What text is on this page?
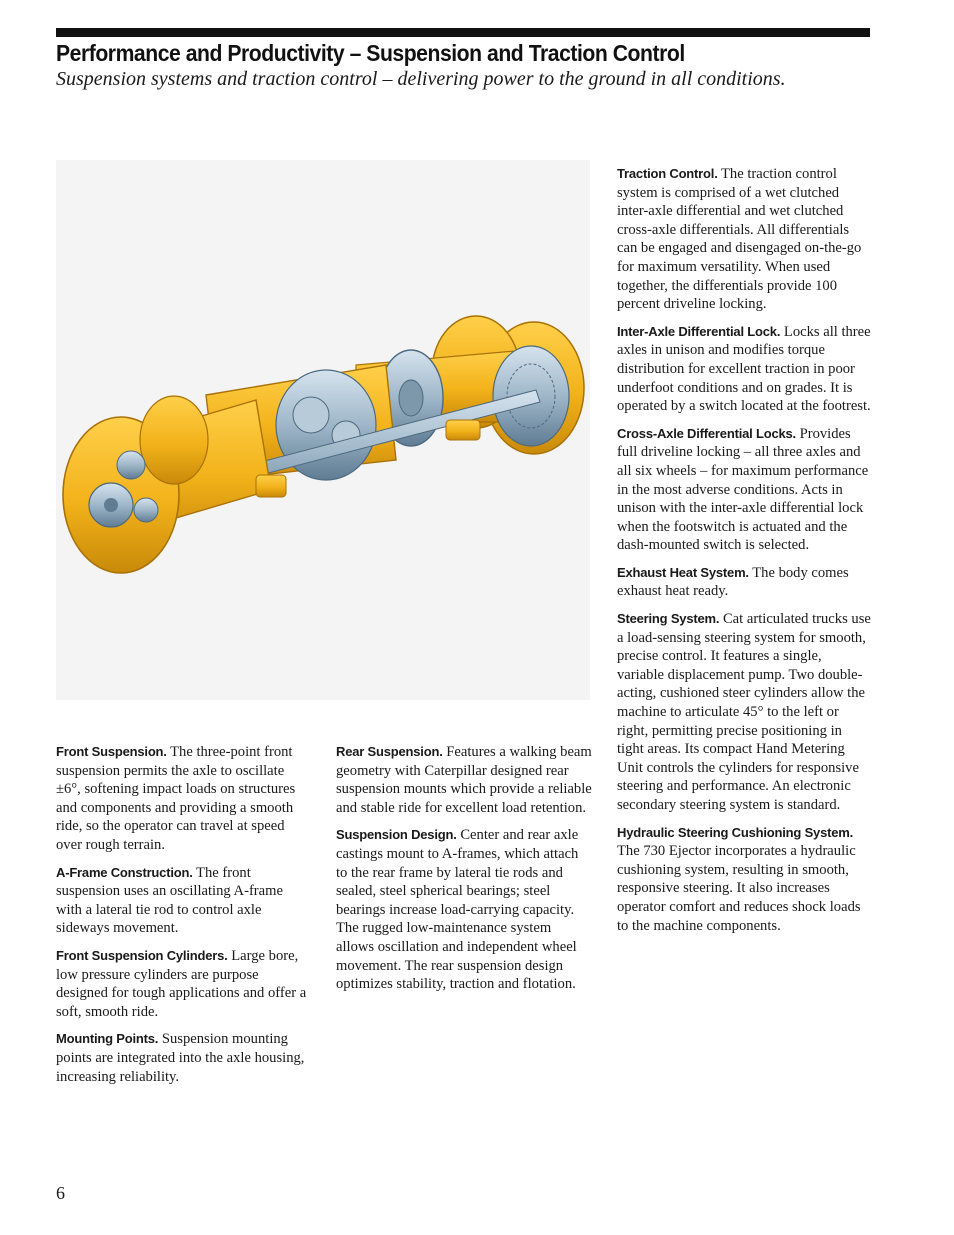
Performance and Productivity – Suspension and Traction Control

Suspension systems and traction control – delivering power to the ground in all conditions.

Front Suspension. The three-point front suspension permits the axle to oscillate ±6°, softening impact loads on structures and components and providing a smooth ride, so the operator can travel at speed over rough terrain.

A-Frame Construction. The front suspension uses an oscillating A-frame with a lateral tie rod to control axle sideways movement.

Front Suspension Cylinders. Large bore, low pressure cylinders are purpose designed for tough applications and offer a soft, smooth ride.

Mounting Points. Suspension mounting points are integrated into the axle housing, increasing reliability.

Rear Suspension. Features a walking beam geometry with Caterpillar designed rear suspension mounts which provide a reliable and stable ride for excellent load retention.

Suspension Design. Center and rear axle castings mount to A-frames, which attach to the rear frame by lateral tie rods and sealed, steel spherical bearings; steel bearings increase load-carrying capacity. The rugged low-maintenance system allows oscillation and independent wheel movement. The rear suspension design optimizes stability, traction and flotation.

Traction Control. The traction control system is comprised of a wet clutched inter-axle differential and wet clutched cross-axle differentials. All differentials can be engaged and disengaged on-the-go for maximum versatility. When used together, the differentials provide 100 percent driveline locking.

Inter-Axle Differential Lock. Locks all three axles in unison and modifies torque distribution for excellent traction in poor underfoot conditions and on grades. It is operated by a switch located at the footrest.

Cross-Axle Differential Locks. Provides full driveline locking – all three axles and all six wheels – for maximum performance in the most adverse conditions. Acts in unison with the inter-axle differential lock when the footswitch is actuated and the dash-mounted switch is selected.

Exhaust Heat System. The body comes exhaust heat ready.

Steering System. Cat articulated trucks use a load-sensing steering system for smooth, precise control. It features a single, variable displacement pump. Two double-acting, cushioned steer cylinders allow the machine to articulate 45° to the left or right, permitting precise positioning in tight areas. Its compact Hand Metering Unit controls the cylinders for responsive steering and performance. An electronic secondary steering system is standard.

Hydraulic Steering Cushioning System. The 730 Ejector incorporates a hydraulic cushioning system, resulting in smooth, responsive steering. It also increases operator comfort and reduces shock loads to the machine components.

6
